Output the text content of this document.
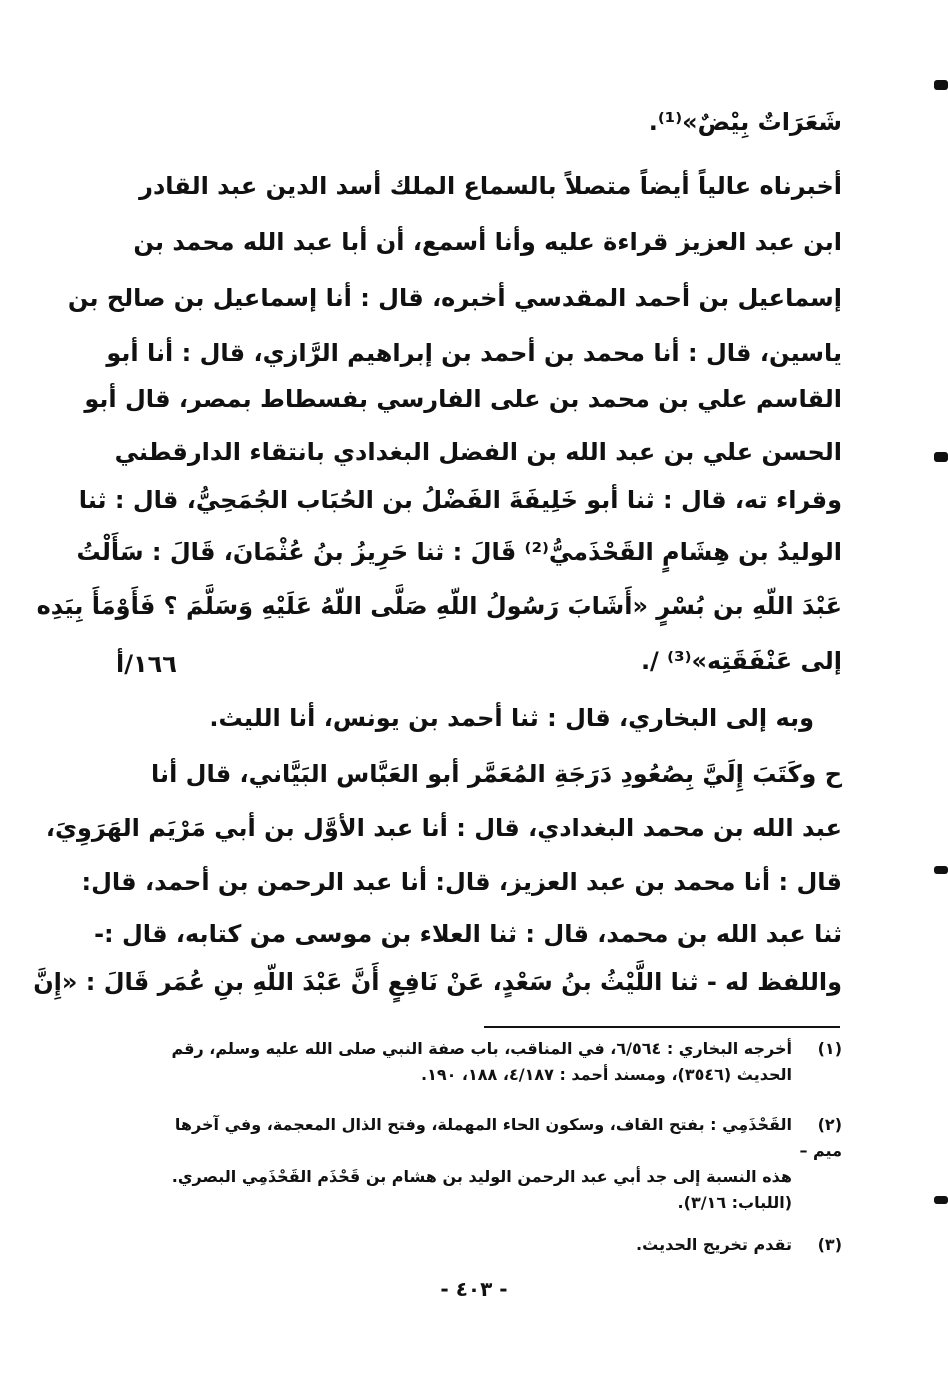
شَعَرَاتٌ بِيْضٌ»⁽¹⁾.
أخبرناه عالياً أيضاً متصلاً بالسماع الملك أسد الدين عبد القادر
ابن عبد العزيز قراءة عليه وأنا أسمع، أن أبا عبد الله محمد بن
إسماعيل بن أحمد المقدسي أخبره، قال : أنا إسماعيل بن صالح بن
ياسين، قال : أنا محمد بن أحمد بن إبراهيم الرَّازي، قال : أنا أبو
القاسم علي بن محمد بن على الفارسي بفسطاط بمصر، قال أبو
الحسن علي بن عبد الله بن الفضل البغدادي بانتقاء الدارقطني
وقراء ته، قال : ثنا أبو خَلِيفَةَ الفَضْلُ بن الحُبَاب الجُمَحِيُّ، قال : ثنا
الوليدُ بن هِشَامٍ القَحْذَميُّ⁽²⁾ قَالَ : ثنا حَرِيزُ بنُ عُثْمَانَ، قَالَ : سَأَلْتُ
عَبْدَ اللّهِ بن بُسْرٍ «أَشَابَ رَسُولُ اللّهِ صَلَّى اللّهُ عَلَيْهِ وَسَلَّمَ ؟ فَأَوْمَأَ بِيَدِه
إلى عَنْفَقَتِه»⁽³⁾ /.
١٦٦/أ
وبه إلى البخاري، قال : ثنا أحمد بن يونس، أنا الليث.
ح وكَتَبَ إِلَيَّ بِصُعُودِ دَرَجَةِ المُعَمَّر أبو العَبَّاس البَيَّاني، قال أنا
عبد الله بن محمد البغدادي، قال : أنا عبد الأوَّل بن أبي مَرْيَم الهَرَوِيَ،
قال : أنا محمد بن عبد العزيز، قال: أنا عبد الرحمن بن أحمد، قال:
ثنا عبد الله بن محمد، قال : ثنا العلاء بن موسى من كتابه، قال :-
واللفظ له - ثنا اللَّيْثُ بنُ سَعْدٍ، عَنْ نَافِعٍ أَنَّ عَبْدَ اللّهِ بنِ عُمَر قَالَ : «إِنَّ
(١)أخرجه البخاري : ٦/٥٦٤، في المناقب، باب صفة النبي صلى الله عليه وسلم، رقم
الحديث (٣٥٤٦)، ومسند أحمد : ٤/١٨٧، ١٨٨، ١٩٠.
(٢)القَحْذَمِي : بفتح القاف، وسكون الحاء المهملة، وفتح الذال المعجمة، وفي آخرها ميم –
هذه النسبة إلى جد أبي عبد الرحمن الوليد بن هشام بن قَحْذَم القَحْذَمِي البصري.
(اللباب: ٣/١٦).
(٣)تقدم تخريج الحديث.
- ٤٠٣ -
